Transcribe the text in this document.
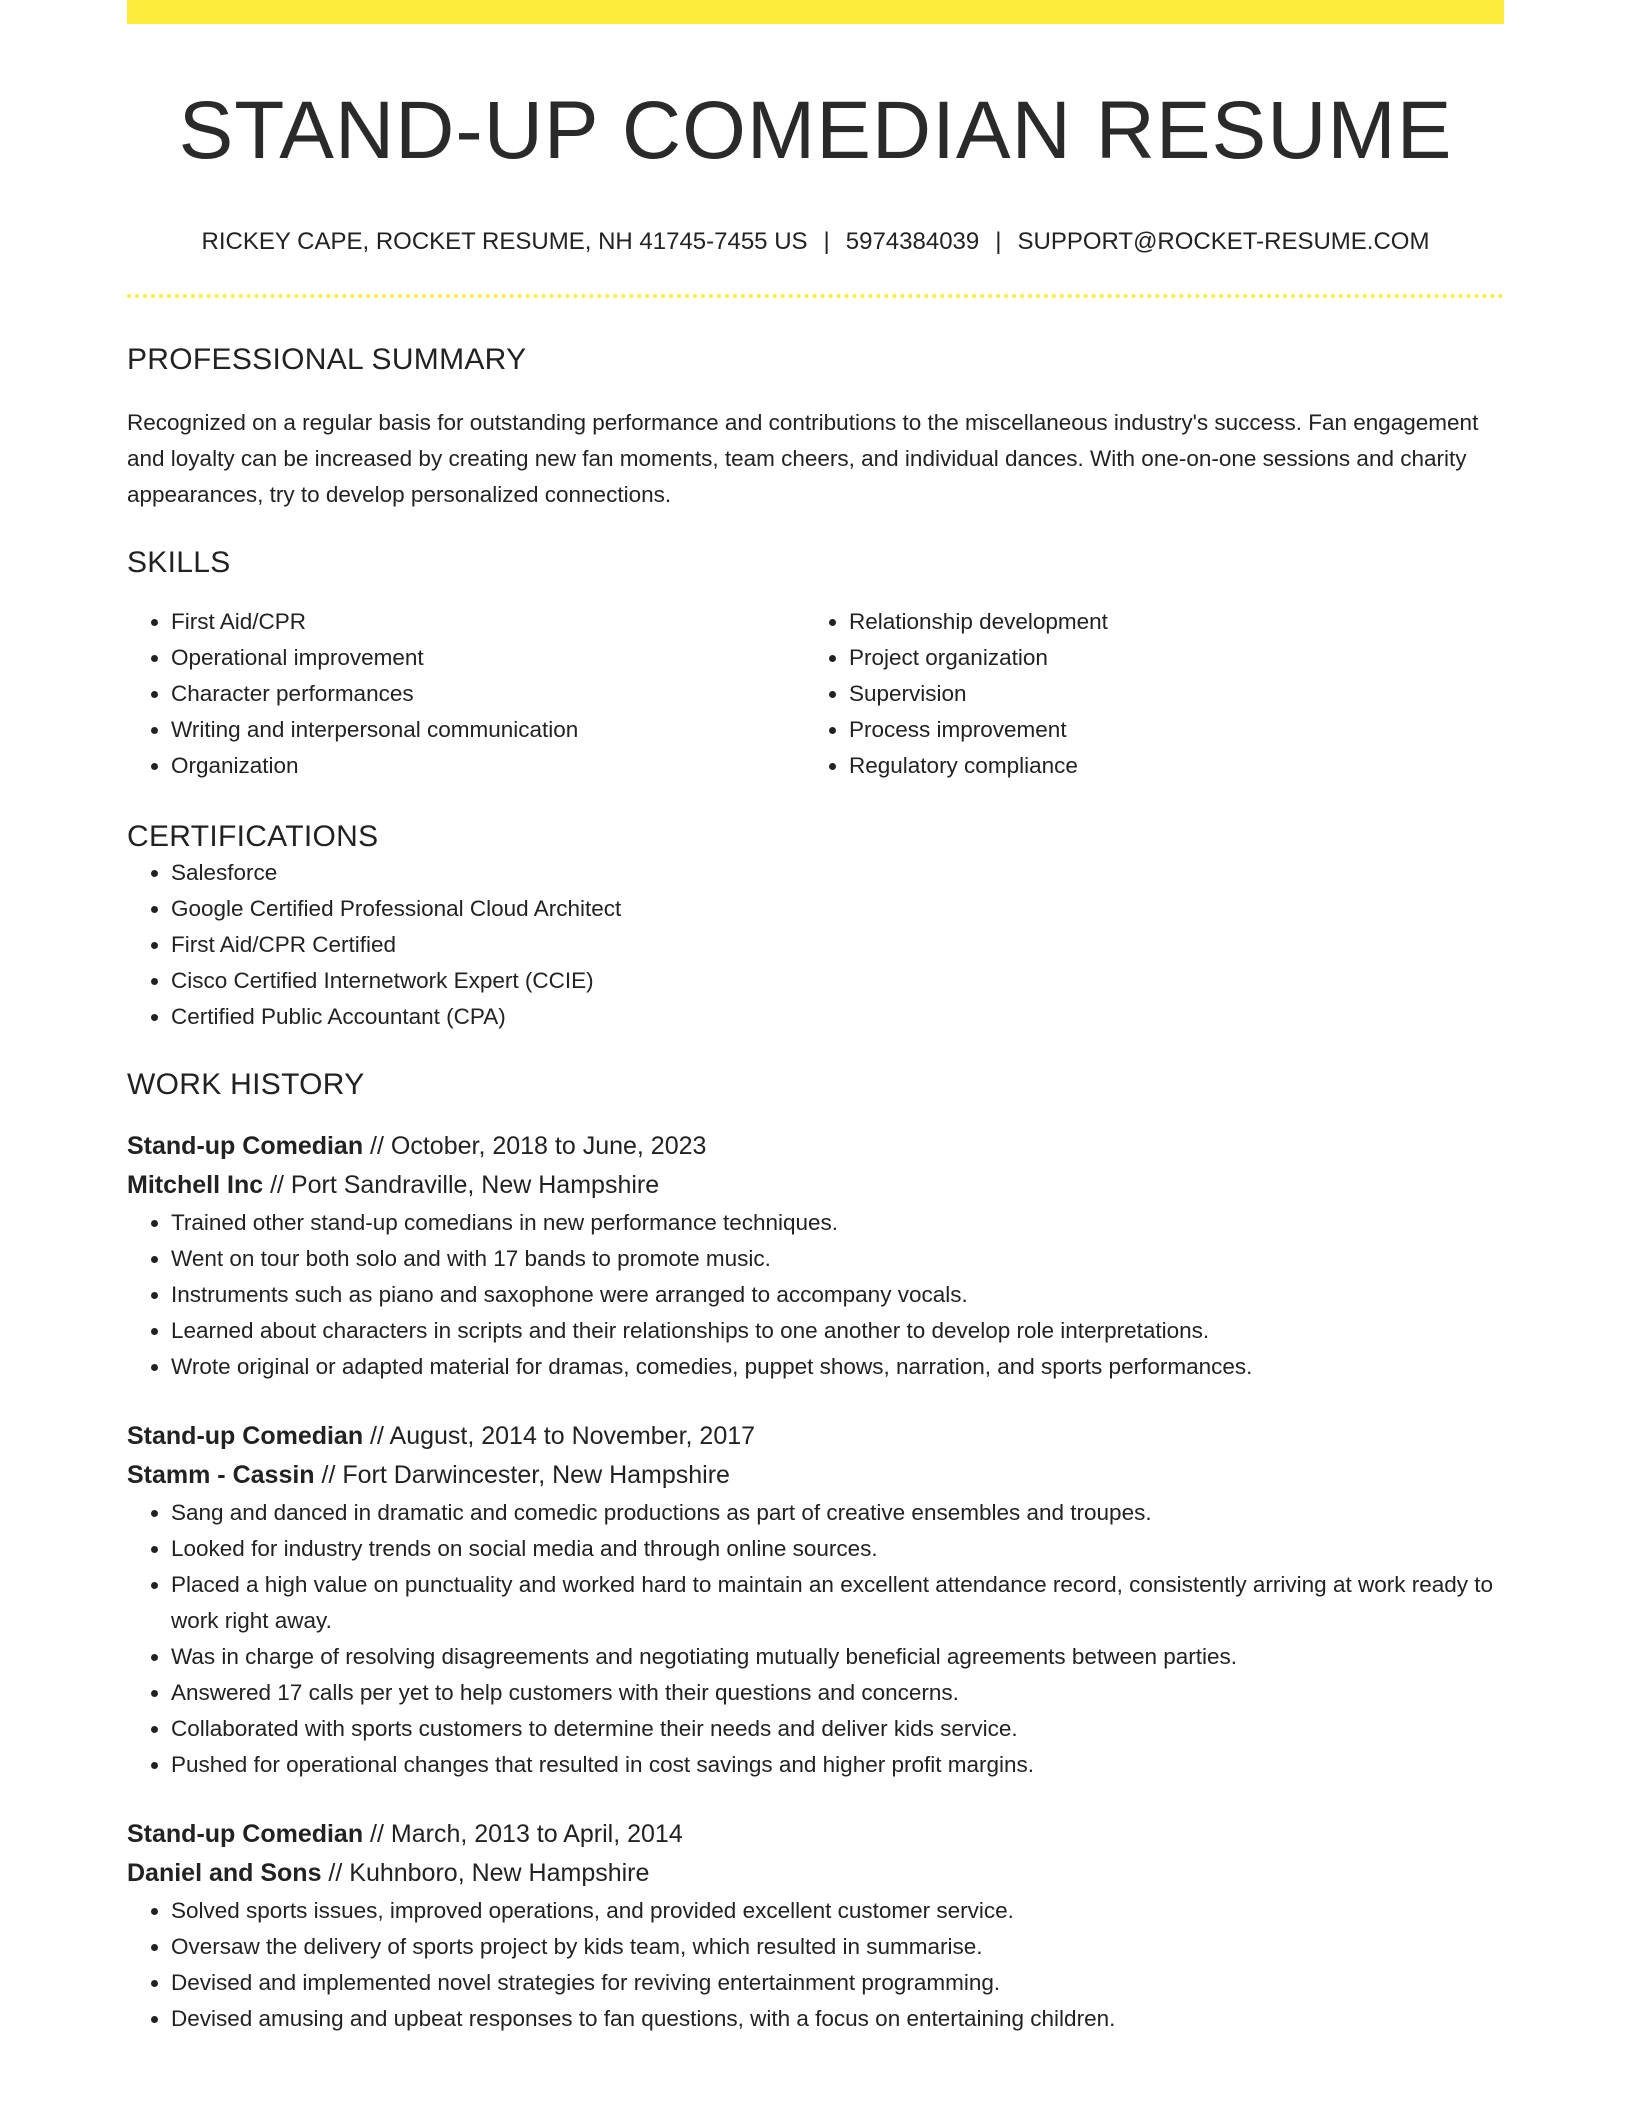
STAND-UP COMEDIAN RESUME
RICKEY CAPE, ROCKET RESUME, NH 41745-7455 US | 5974384039 | SUPPORT@ROCKET-RESUME.COM
PROFESSIONAL SUMMARY

Recognized on a regular basis for outstanding performance and contributions to the miscellaneous industry's success. Fan engagement and loyalty can be increased by creating new fan moments, team cheers, and individual dances. With one-on-one sessions and charity appearances, try to develop personalized connections.

SKILLS
• First Aid/CPR
• Operational improvement
• Character performances
• Writing and interpersonal communication
• Organization
• Relationship development
• Project organization
• Supervision
• Process improvement
• Regulatory compliance
CERTIFICATIONS
• Salesforce
• Google Certified Professional Cloud Architect
• First Aid/CPR Certified
• Cisco Certified Internetwork Expert (CCIE)
• Certified Public Accountant (CPA)
WORK HISTORY
Stand-up Comedian // October, 2018 to June, 2023
Mitchell Inc // Port Sandraville, New Hampshire
• Trained other stand-up comedians in new performance techniques.
• Went on tour both solo and with 17 bands to promote music.
• Instruments such as piano and saxophone were arranged to accompany vocals.
• Learned about characters in scripts and their relationships to one another to develop role interpretations.
• Wrote original or adapted material for dramas, comedies, puppet shows, narration, and sports performances.
Stand-up Comedian // August, 2014 to November, 2017
Stamm - Cassin // Fort Darwincester, New Hampshire
• Sang and danced in dramatic and comedic productions as part of creative ensembles and troupes.
• Looked for industry trends on social media and through online sources.
• Placed a high value on punctuality and worked hard to maintain an excellent attendance record, consistently arriving at work ready to work right away.
• Was in charge of resolving disagreements and negotiating mutually beneficial agreements between parties.
• Answered 17 calls per yet to help customers with their questions and concerns.
• Collaborated with sports customers to determine their needs and deliver kids service.
• Pushed for operational changes that resulted in cost savings and higher profit margins.
Stand-up Comedian // March, 2013 to April, 2014
Daniel and Sons // Kuhnboro, New Hampshire
• Solved sports issues, improved operations, and provided excellent customer service.
• Oversaw the delivery of sports project by kids team, which resulted in summarise.
• Devised and implemented novel strategies for reviving entertainment programming.
• Devised amusing and upbeat responses to fan questions, with a focus on entertaining children.
